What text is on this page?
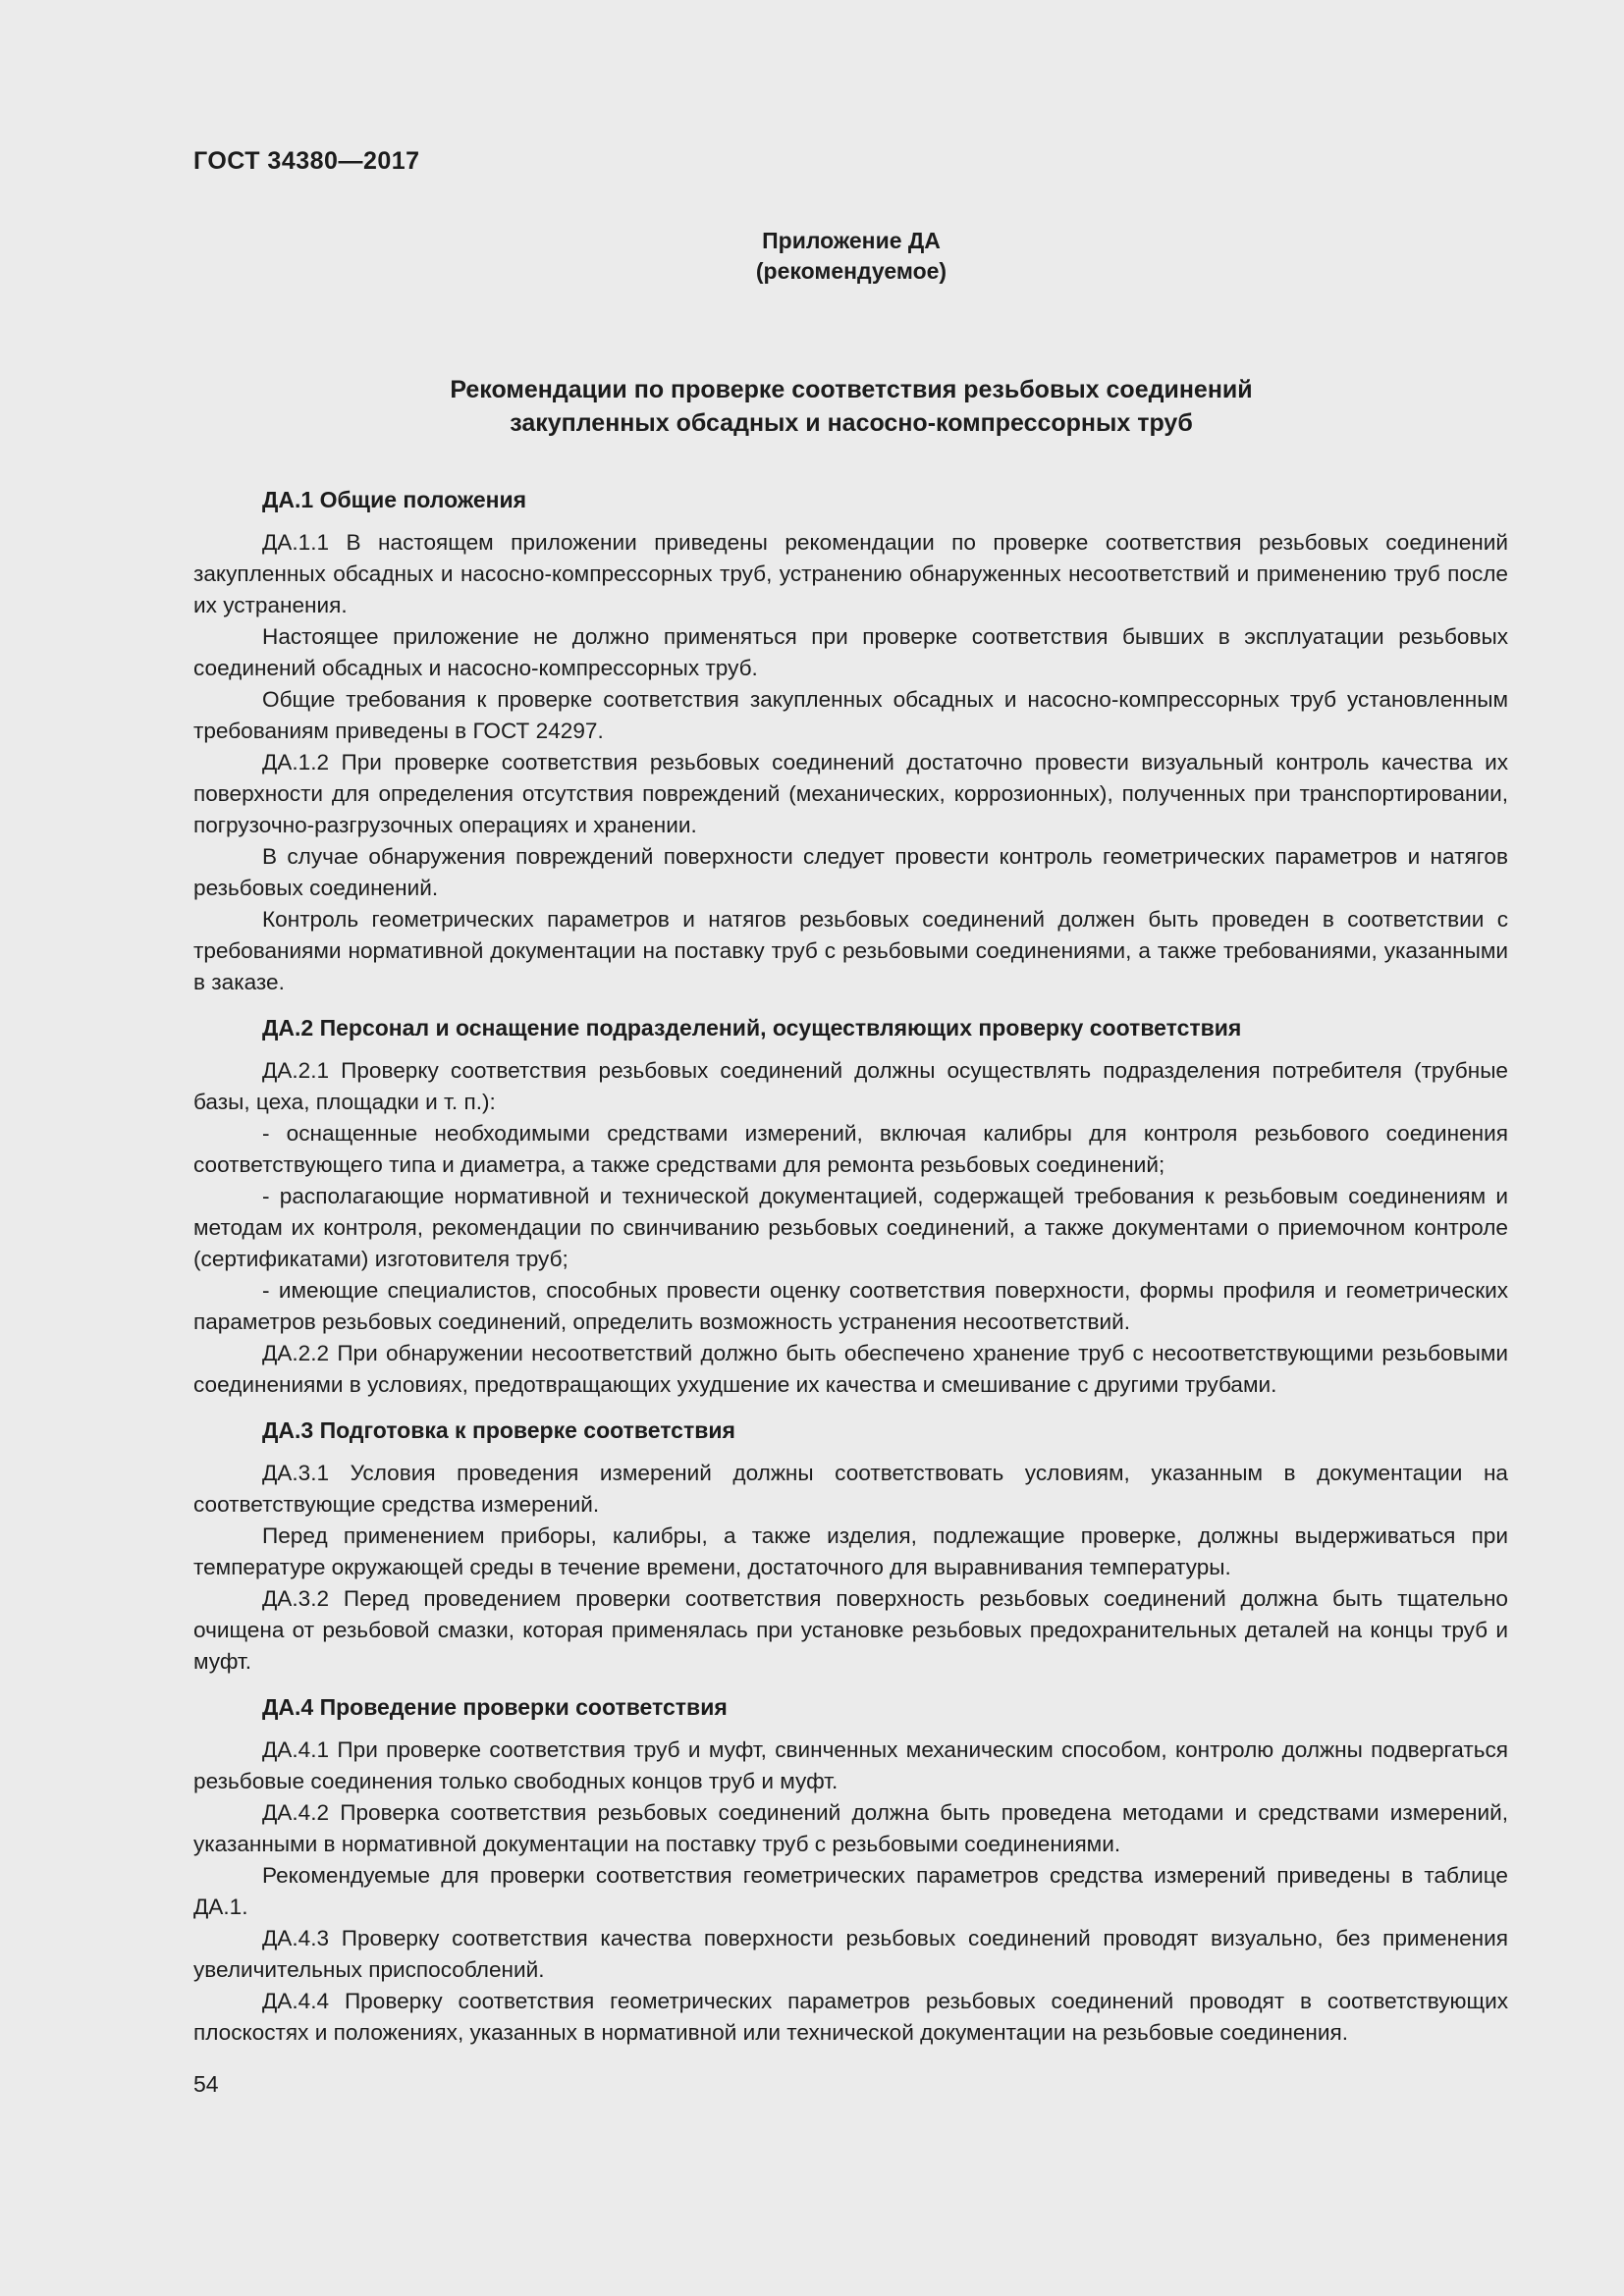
ГОСТ 34380—2017
Приложение ДА
(рекомендуемое)
Рекомендации по проверке соответствия резьбовых соединений
закупленных обсадных и насосно-компрессорных труб
ДА.1 Общие положения

ДА.1.1 В настоящем приложении приведены рекомендации по проверке соответствия резьбовых соединений закупленных обсадных и насосно-компрессорных труб, устранению обнаруженных несоответствий и применению труб после их устранения.

Настоящее приложение не должно применяться при проверке соответствия бывших в эксплуатации резьбовых соединений обсадных и насосно-компрессорных труб.

Общие требования к проверке соответствия закупленных обсадных и насосно-компрессорных труб установленным требованиям приведены в ГОСТ 24297.

ДА.1.2 При проверке соответствия резьбовых соединений достаточно провести визуальный контроль качества их поверхности для определения отсутствия повреждений (механических, коррозионных), полученных при транспортировании, погрузочно-разгрузочных операциях и хранении.

В случае обнаружения повреждений поверхности следует провести контроль геометрических параметров и натягов резьбовых соединений.

Контроль геометрических параметров и натягов резьбовых соединений должен быть проведен в соответствии с требованиями нормативной документации на поставку труб с резьбовыми соединениями, а также требованиями, указанными в заказе.

ДА.2 Персонал и оснащение подразделений, осуществляющих проверку соответствия

ДА.2.1 Проверку соответствия резьбовых соединений должны осуществлять подразделения потребителя (трубные базы, цеха, площадки и т. п.):

- оснащенные необходимыми средствами измерений, включая калибры для контроля резьбового соединения соответствующего типа и диаметра, а также средствами для ремонта резьбовых соединений;

- располагающие нормативной и технической документацией, содержащей требования к резьбовым соединениям и методам их контроля, рекомендации по свинчиванию резьбовых соединений, а также документами о приемочном контроле (сертификатами) изготовителя труб;

- имеющие специалистов, способных провести оценку соответствия поверхности, формы профиля и геометрических параметров резьбовых соединений, определить возможность устранения несоответствий.

ДА.2.2 При обнаружении несоответствий должно быть обеспечено хранение труб с несоответствующими резьбовыми соединениями в условиях, предотвращающих ухудшение их качества и смешивание с другими трубами.

ДА.3 Подготовка к проверке соответствия

ДА.3.1 Условия проведения измерений должны соответствовать условиям, указанным в документации на соответствующие средства измерений.

Перед применением приборы, калибры, а также изделия, подлежащие проверке, должны выдерживаться при температуре окружающей среды в течение времени, достаточного для выравнивания температуры.

ДА.3.2 Перед проведением проверки соответствия поверхность резьбовых соединений должна быть тщательно очищена от резьбовой смазки, которая применялась при установке резьбовых предохранительных деталей на концы труб и муфт.

ДА.4 Проведение проверки соответствия

ДА.4.1 При проверке соответствия труб и муфт, свинченных механическим способом, контролю должны подвергаться резьбовые соединения только свободных концов труб и муфт.

ДА.4.2 Проверка соответствия резьбовых соединений должна быть проведена методами и средствами измерений, указанными в нормативной документации на поставку труб с резьбовыми соединениями.

Рекомендуемые для проверки соответствия геометрических параметров средства измерений приведены в таблице ДА.1.

ДА.4.3 Проверку соответствия качества поверхности резьбовых соединений проводят визуально, без применения увеличительных приспособлений.

ДА.4.4 Проверку соответствия геометрических параметров резьбовых соединений проводят в соответствующих плоскостях и положениях, указанных в нормативной или технической документации на резьбовые соединения.

54
